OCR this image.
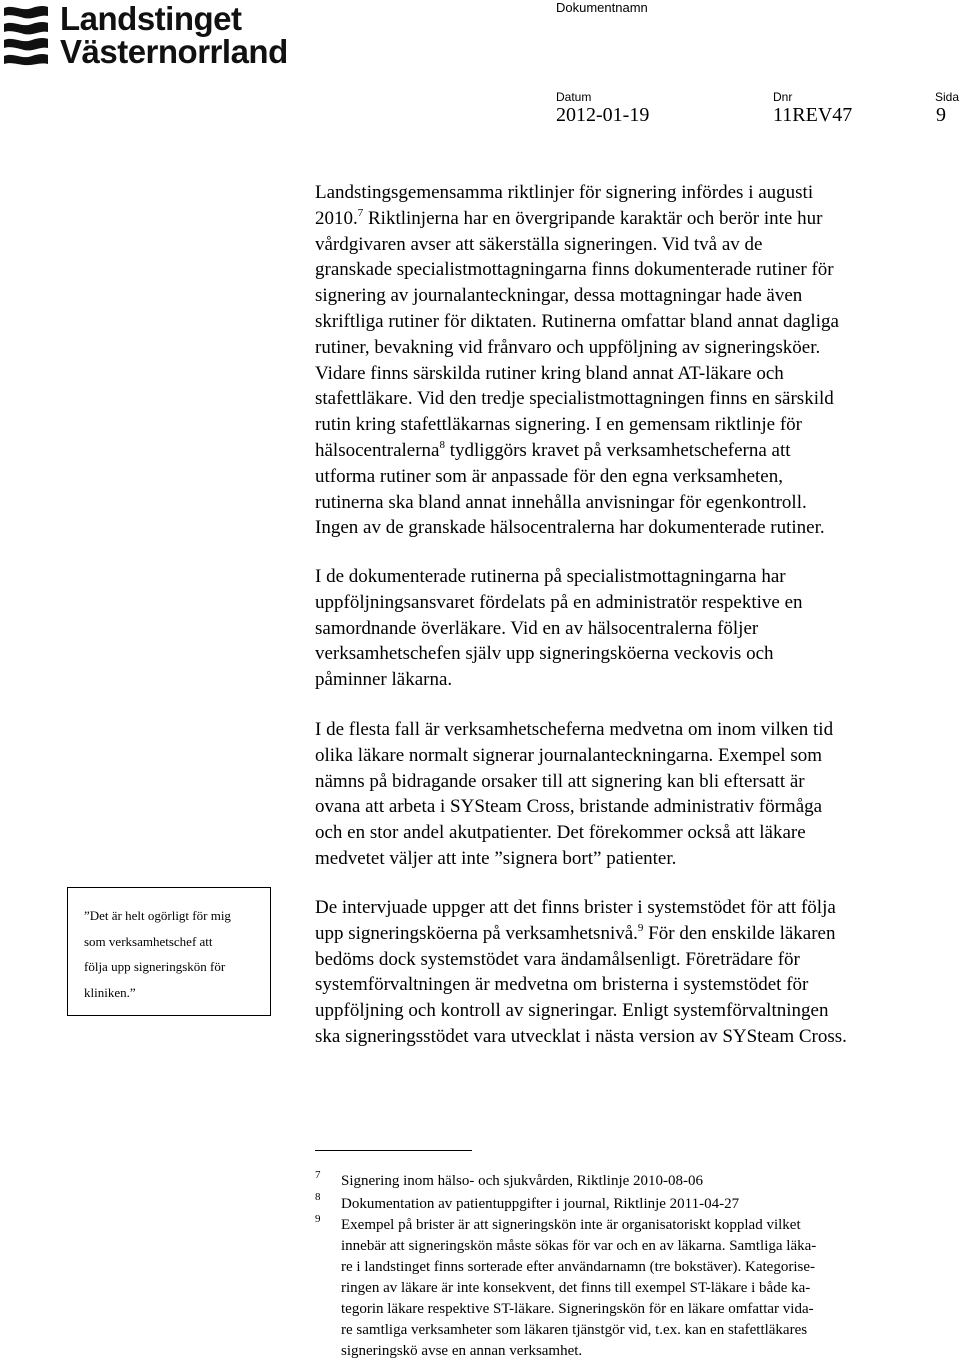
Landstinget
Västernorrland
Dokumentnamn
Datum
2012-01-19
Dnr
11REV47
Sida
9
Landstingsgemensamma riktlinjer för signering infördes i augusti
2010.$^7$ Riktlinjerna har en övergripande karaktär och berör inte hur
vårdgivaren avser att säkerställa signeringen. Vid två av de
granskade specialistmottagningarna finns dokumenterade rutiner för
signering av journalanteckningar, dessa mottagningar hade även
skriftliga rutiner för diktaten. Rutinerna omfattar bland annat dagliga
rutiner, bevakning vid frånvaro och uppföljning av signeringsköer.
Vidare finns särskilda rutiner kring bland annat AT-läkare och
stafettläkare. Vid den tredje specialistmottagningen finns en särskild
rutin kring stafettläkarnas signering. I en gemensam riktlinje för
hälsocentralerna$^8$ tydliggörs kravet på verksamhetscheferna att
utforma rutiner som är anpassade för den egna verksamheten,
rutinerna ska bland annat innehålla anvisningar för egenkontroll.
Ingen av de granskade hälsocentralerna har dokumenterade rutiner.
I de dokumenterade rutinerna på specialistmottagningarna har
uppföljningsansvaret fördelats på en administratör respektive en
samordnande överläkare. Vid en av hälsocentralerna följer
verksamhetschefen själv upp signeringsköerna veckovis och
påminner läkarna.
I de flesta fall är verksamhetscheferna medvetna om inom vilken tid
olika läkare normalt signerar journalanteckningarna. Exempel som
nämns på bidragande orsaker till att signering kan bli eftersatt är
ovana att arbeta i SYSteam Cross, bristande administrativ förmåga
och en stor andel akutpatienter. Det förekommer också att läkare
medvetet väljer att inte ”signera bort” patienter.
De intervjuade uppger att det finns brister i systemstödet för att följa
upp signeringsköerna på verksamhetsnivå.$^9$ För den enskilde läkaren
bedöms dock systemstödet vara ändamålsenligt. Företrädare för
systemförvaltningen är medvetna om bristerna i systemstödet för
uppföljning och kontroll av signeringar. Enligt systemförvaltningen
ska signeringsstödet vara utvecklat i nästa version av SYSteam Cross.
”Det är helt ogörligt för mig
som verksamhetschef att
följa upp signeringskön för
kliniken.”
7 Signering inom hälso- och sjukvården, Riktlinje 2010-08-06
8 Dokumentation av patientuppgifter i journal, Riktlinje 2011-04-27
9 Exempel på brister är att signeringskön inte är organisatoriskt kopplad vilket
innebär att signeringskön måste sökas för var och en av läkarna. Samtliga läka-
re i landstinget finns sorterade efter användarnamn (tre bokstäver). Kategorise-
ringen av läkare är inte konsekvent, det finns till exempel ST-läkare i både ka-
tegorin läkare respektive ST-läkare. Signeringskön för en läkare omfattar vida-
re samtliga verksamheter som läkaren tjänstgör vid, t.ex. kan en stafettläkares
signeringskö avse en annan verksamhet.
